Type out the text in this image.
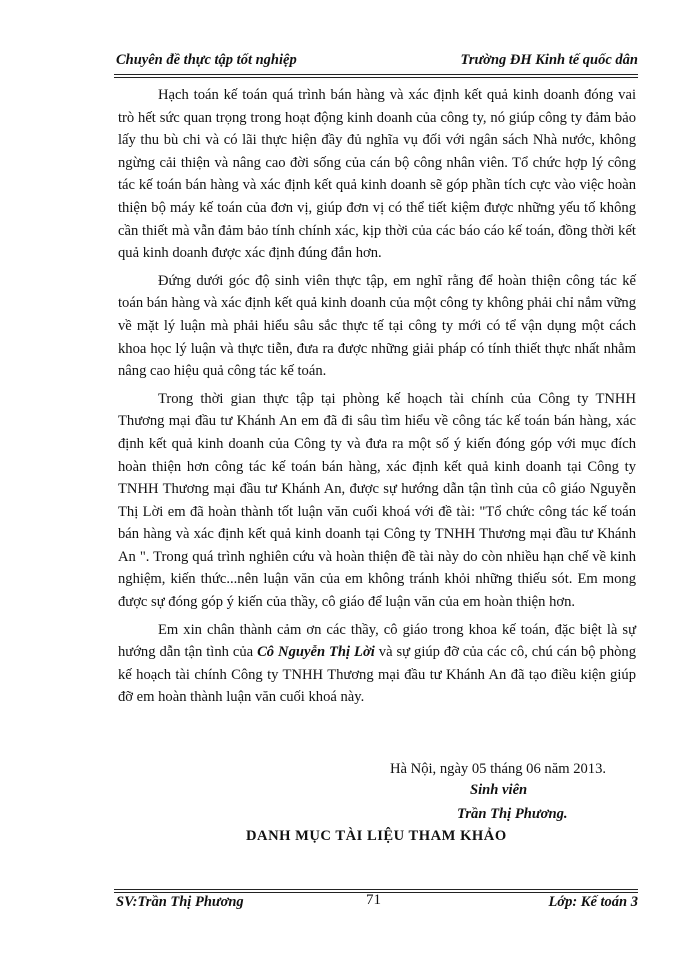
Chuyên đề thực tập tốt nghiệp	Trường ĐH Kinh tế quốc dân

Hạch toán kế toán quá trình bán hàng và xác định kết quả kinh doanh đóng vai trò hết sức quan trọng trong hoạt động kinh doanh của công ty, nó giúp công ty đảm bảo lấy thu bù chi và có lãi thực hiện đầy đủ nghĩa vụ đối với ngân sách Nhà nước, không ngừng cải thiện và nâng cao đời sống của cán bộ công nhân viên. Tổ chức hợp lý công tác kế toán bán hàng và xác định kết quả kinh doanh sẽ góp phần tích cực vào việc hoàn thiện bộ máy kế toán của đơn vị, giúp đơn vị có thể tiết kiệm được những yếu tố không cần thiết mà vẫn đảm bảo tính chính xác, kịp thời của các báo cáo kế toán, đồng thời kết quả kinh doanh được xác định đúng đắn hơn.

Đứng dưới góc độ sinh viên thực tập, em nghĩ rằng để hoàn thiện công tác kế toán bán hàng và xác định kết quả kinh doanh của một công ty không phải chỉ nắm vững về mặt lý luận mà phải hiểu sâu sắc thực tế tại công ty mới có tể vận dụng một cách khoa học lý luận và thực tiễn, đưa ra được những giải pháp có tính thiết thực nhất nhằm nâng cao hiệu quả công tác kế toán.

Trong thời gian thực tập tại phòng kế hoạch tài chính của Công ty TNHH Thương mại đầu tư Khánh An em đã đi sâu tìm hiểu về công tác kế toán bán hàng, xác định kết quả kinh doanh của Công ty và đưa ra một số ý kiến đóng góp với mục đích hoàn thiện hơn công tác kế toán bán hàng, xác định kết quả kinh doanh tại Công ty TNHH Thương mại đầu tư Khánh An, được sự hướng dẫn tận tình của cô giáo Nguyễn Thị Lời em đã hoàn thành tốt luận văn cuối khoá với đề tài: "Tổ chức công tác kế toán bán hàng và xác định kết quả kinh doanh tại Công ty TNHH Thương mại đầu tư Khánh An ". Trong quá trình nghiên cứu và hoàn thiện đề tài này do còn nhiều hạn chế về kinh nghiệm, kiến thức...nên luận văn của em không tránh khỏi những thiếu sót. Em mong được sự đóng góp ý kiến của thầy, cô giáo để luận văn của em hoàn thiện hơn.

Em xin chân thành cảm ơn các thầy, cô giáo trong khoa kế toán, đặc biệt là sự hướng dẫn tận tình của Cô Nguyễn Thị Lời và sự giúp đỡ của các cô, chú cán bộ phòng kế hoạch tài chính Công ty TNHH Thương mại đầu tư Khánh An đã tạo điều kiện giúp đỡ em hoàn thành luận văn cuối khoá này.

Hà Nội, ngày 05 tháng 06 năm 2013.
Sinh viên
Trần Thị Phương.
DANH MỤC TÀI LIỆU THAM KHẢO
SV:Trần Thị Phương	71	Lớp: Kế toán 3
